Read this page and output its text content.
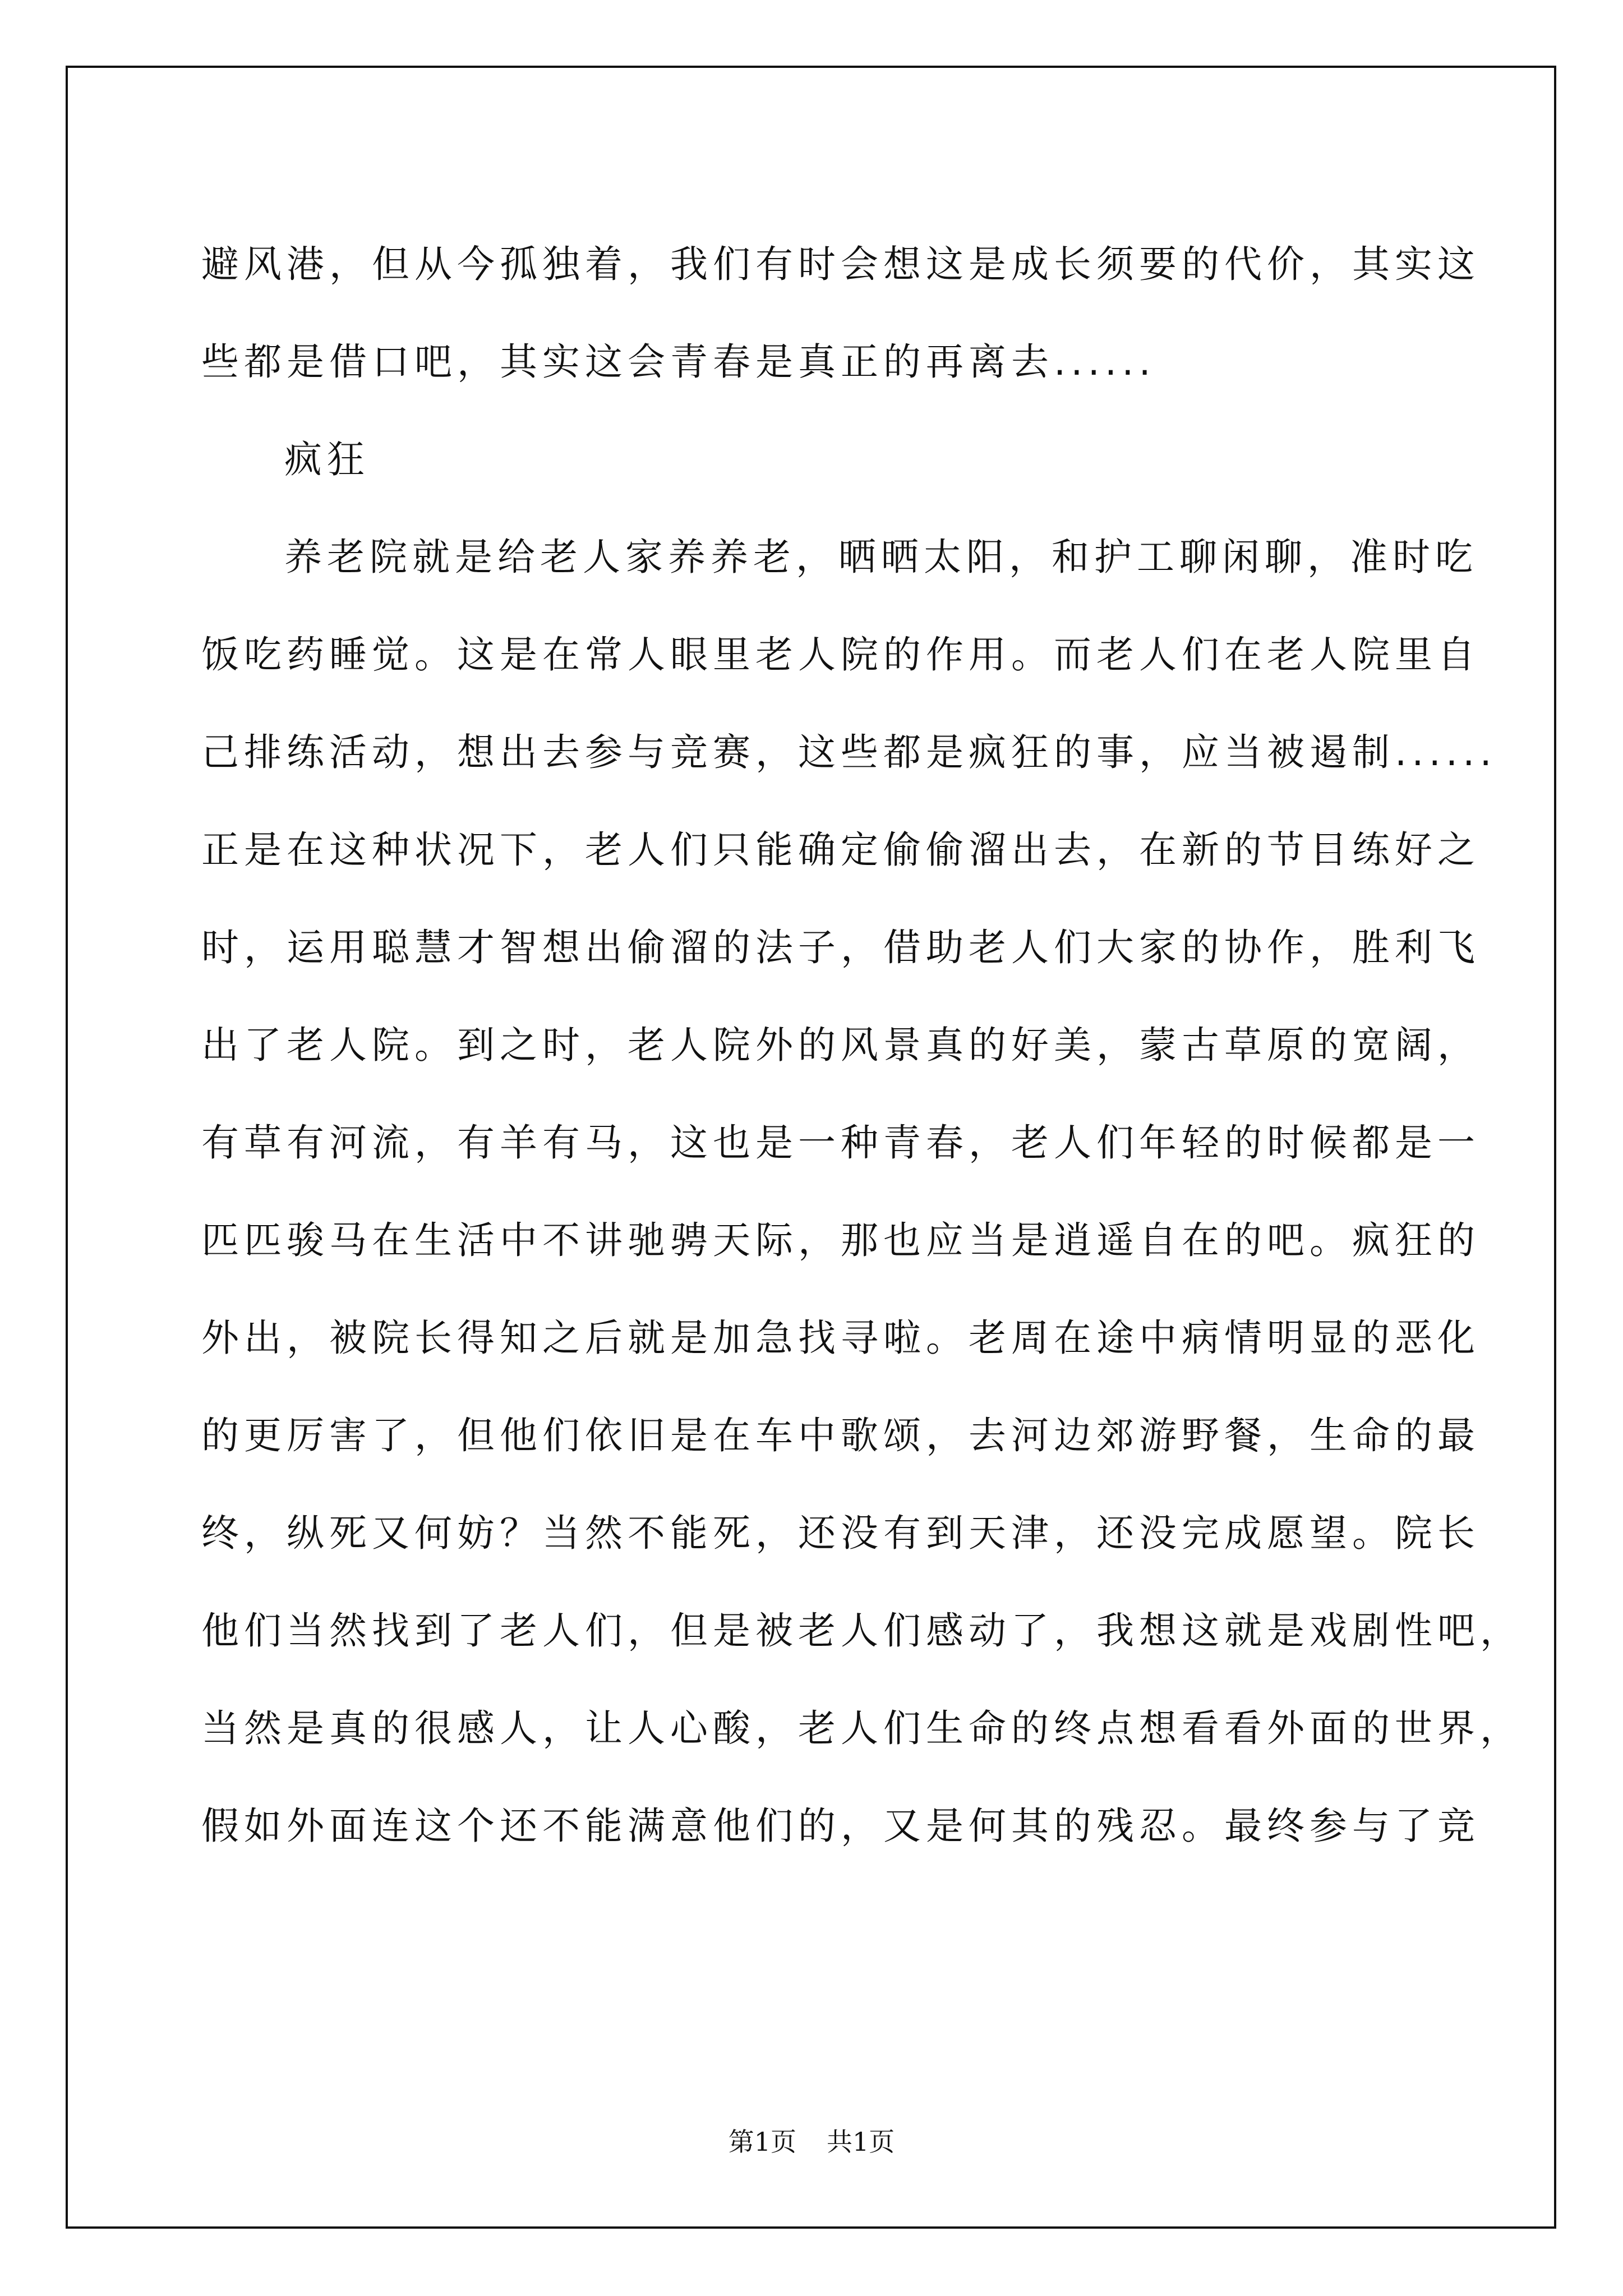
避风港，但从今孤独着，我们有时会想这是成长须要的代价，其实这
些都是借口吧，其实这会青春是真正的再离去......
疯狂
养老院就是给老人家养养老，晒晒太阳，和护工聊闲聊，准时吃
饭吃药睡觉。这是在常人眼里老人院的作用。而老人们在老人院里自
己排练活动，想出去参与竞赛，这些都是疯狂的事，应当被遏制......
正是在这种状况下，老人们只能确定偷偷溜出去，在新的节目练好之
时，运用聪慧才智想出偷溜的法子，借助老人们大家的协作，胜利飞
出了老人院。到之时，老人院外的风景真的好美，蒙古草原的宽阔，
有草有河流，有羊有马，这也是一种青春，老人们年轻的时候都是一
匹匹骏马在生活中不讲驰骋天际，那也应当是逍遥自在的吧。疯狂的
外出，被院长得知之后就是加急找寻啦。老周在途中病情明显的恶化
的更厉害了，但他们依旧是在车中歌颂，去河边郊游野餐，生命的最
终，纵死又何妨？当然不能死，还没有到天津，还没完成愿望。院长
他们当然找到了老人们，但是被老人们感动了，我想这就是戏剧性吧，
当然是真的很感人，让人心酸，老人们生命的终点想看看外面的世界，
假如外面连这个还不能满意他们的，又是何其的残忍。最终参与了竞
第1页 共1页
